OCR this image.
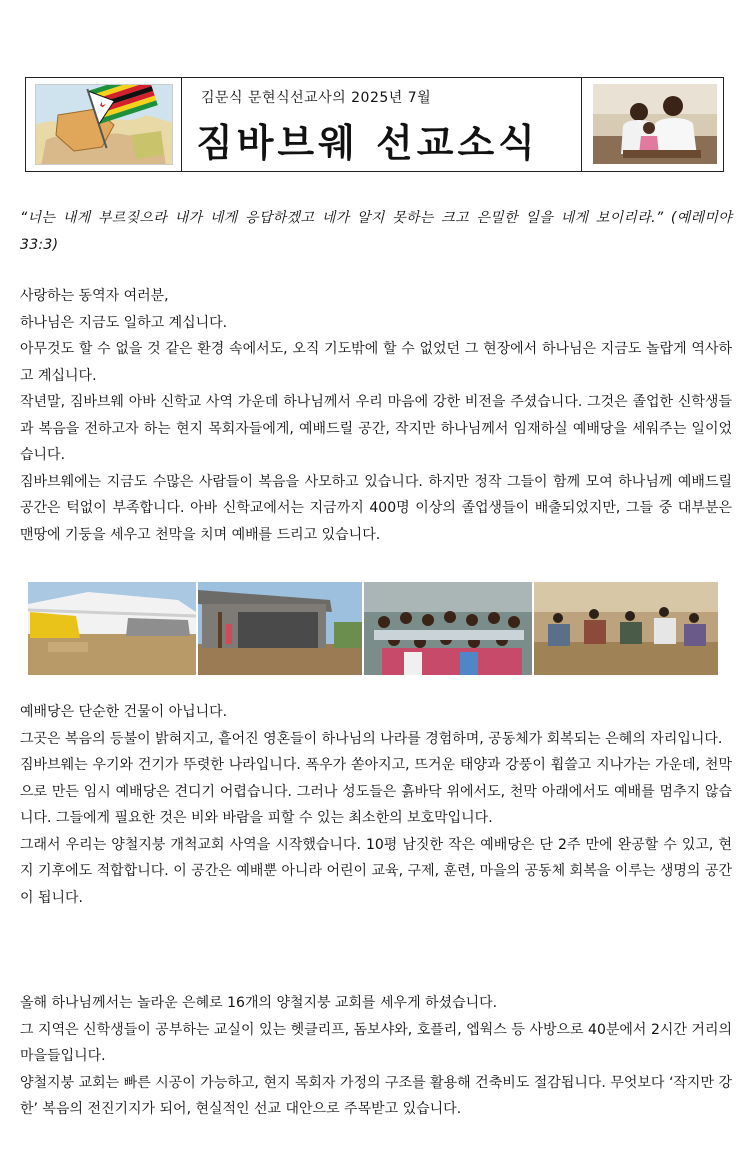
김문식 문현식선교사의 2025년 7월
짐바브웨 선교소식

“너는 내게 부르짖으라 내가 네게 응답하겠고 네가 알지 못하는 크고 은밀한 일을 네게 보이리라.” (예레미야 33:3)

사랑하는 동역자 여러분,

하나님은 지금도 일하고 계십니다.

아무것도 할 수 없을 것 같은 환경 속에서도, 오직 기도밖에 할 수 없었던 그 현장에서 하나님은 지금도 놀랍게 역사하고 계십니다.

작년말, 짐바브웨 아바 신학교 사역 가운데 하나님께서 우리 마음에 강한 비전을 주셨습니다. 그것은 졸업한 신학생들과 복음을 전하고자 하는 현지 목회자들에게, 예배드릴 공간, 작지만 하나님께서 임재하실 예배당을 세워주는 일이었습니다.

짐바브웨에는 지금도 수많은 사람들이 복음을 사모하고 있습니다. 하지만 정작 그들이 함께 모여 하나님께 예배드릴 공간은 턱없이 부족합니다. 아바 신학교에서는 지금까지 400명 이상의 졸업생들이 배출되었지만, 그들 중 대부분은 맨땅에 기둥을 세우고 천막을 치며 예배를 드리고 있습니다.

예배당은 단순한 건물이 아닙니다.

그곳은 복음의 등불이 밝혀지고, 흩어진 영혼들이 하나님의 나라를 경험하며, 공동체가 회복되는 은혜의 자리입니다.

짐바브웨는 우기와 건기가 뚜렷한 나라입니다. 폭우가 쏟아지고, 뜨거운 태양과 강풍이 휩쓸고 지나가는 가운데, 천막으로 만든 임시 예배당은 견디기 어렵습니다. 그러나 성도들은 흙바닥 위에서도, 천막 아래에서도 예배를 멈추지 않습니다. 그들에게 필요한 것은 비와 바람을 피할 수 있는 최소한의 보호막입니다.

그래서 우리는 양철지붕 개척교회 사역을 시작했습니다. 10평 남짓한 작은 예배당은 단 2주 만에 완공할 수 있고, 현지 기후에도 적합합니다. 이 공간은 예배뿐 아니라 어린이 교육, 구제, 훈련, 마을의 공동체 회복을 이루는 생명의 공간이 됩니다.

올해 하나님께서는 놀라운 은혜로 16개의 양철지붕 교회를 세우게 하셨습니다.

그 지역은 신학생들이 공부하는 교실이 있는 헷클리프, 돔보샤와, 호플리, 엡웍스 등 사방으로 40분에서 2시간 거리의 마을들입니다.

양철지붕 교회는 빠른 시공이 가능하고, 현지 목회자 가정의 구조를 활용해 건축비도 절감됩니다. 무엇보다 ‘작지만 강한’ 복음의 전진기지가 되어, 현실적인 선교 대안으로 주목받고 있습니다.
